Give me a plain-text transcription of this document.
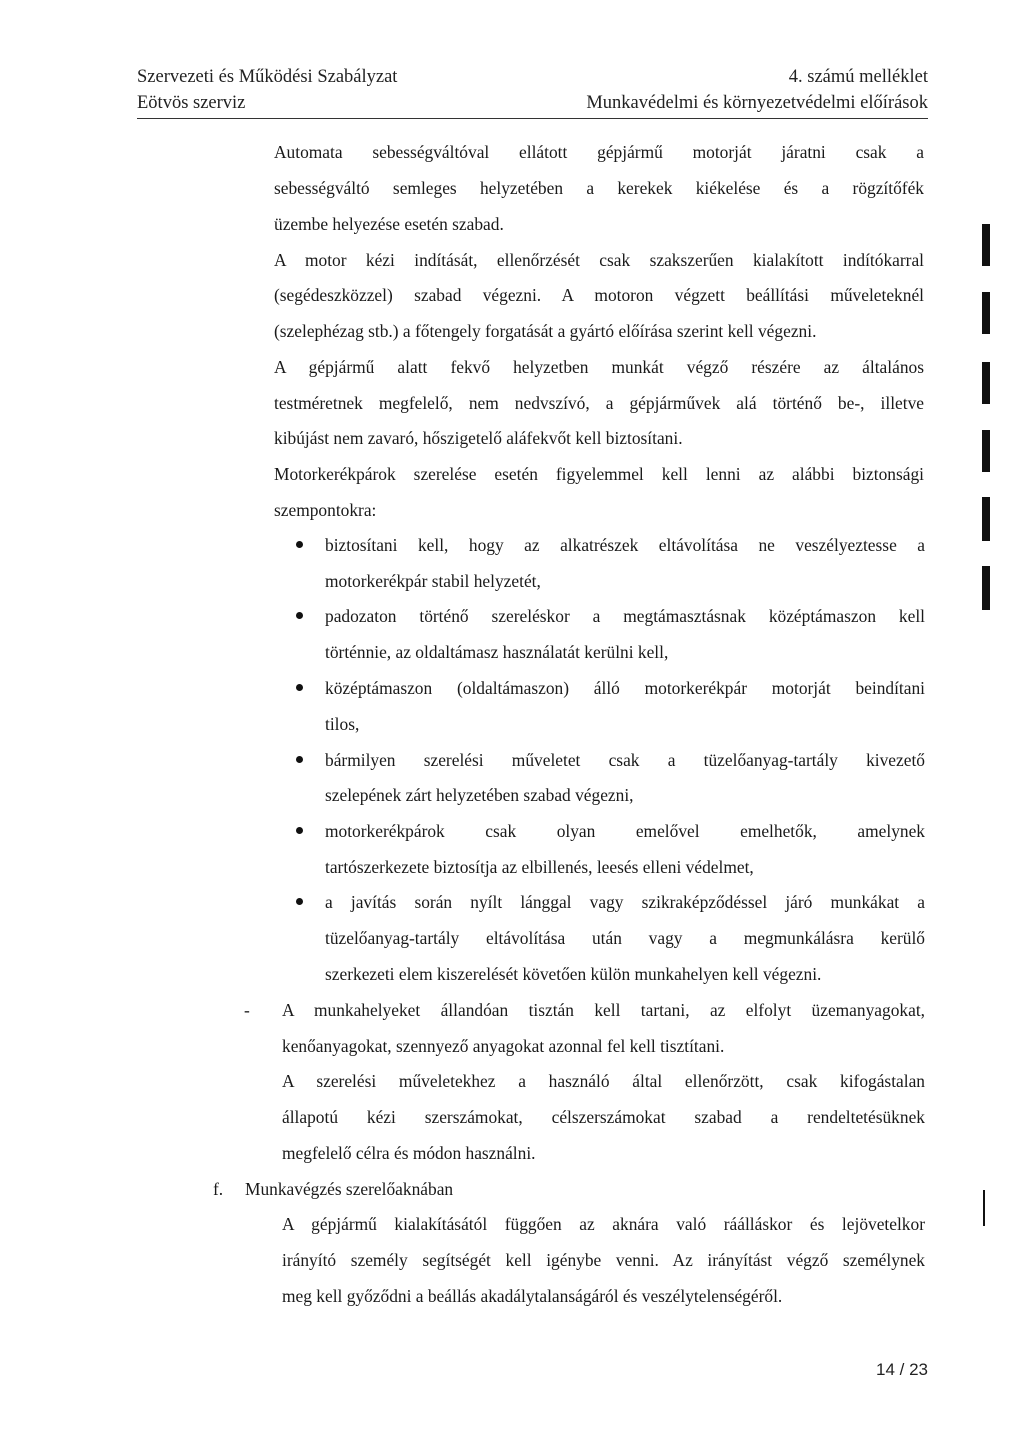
Szervezeti és Működési Szabályzat
Eötvös szerviz
4. számú melléklet
Munkavédelmi és környezetvédelmi előírások
Automata sebességváltóval ellátott gépjármű motorját járatni csak a
sebességváltó semleges helyzetében a kerekek kiékelése és a rögzítőfék
üzembe helyezése esetén szabad.
A motor kézi indítását, ellenőrzését csak szakszerűen kialakított indítókarral
(segédeszközzel) szabad végezni. A motoron végzett beállítási műveleteknél
(szelephézag stb.) a főtengely forgatását a gyártó előírása szerint kell végezni.
A gépjármű alatt fekvő helyzetben munkát végző részére az általános
testméretnek megfelelő, nem nedvszívó, a gépjárművek alá történő be-, illetve
kibújást nem zavaró, hőszigetelő aláfekvőt kell biztosítani.
Motorkerékpárok szerelése esetén figyelemmel kell lenni az alábbi biztonsági
szempontokra:
biztosítani kell, hogy az alkatrészek eltávolítása ne veszélyeztesse a
motorkerékpár stabil helyzetét,
padozaton történő szereléskor a megtámasztásnak középtámaszon kell
történnie, az oldaltámasz használatát kerülni kell,
középtámaszon (oldaltámaszon) álló motorkerékpár motorját beindítani
tilos,
bármilyen szerelési műveletet csak a tüzelőanyag-tartály kivezető
szelepének zárt helyzetében szabad végezni,
motorkerékpárok csak olyan emelővel emelhetők, amelynek
tartószerkezete biztosítja az elbillenés, leesés elleni védelmet,
a javítás során nyílt lánggal vagy szikraképződéssel járó munkákat a
tüzelőanyag-tartály eltávolítása után vagy a megmunkálásra kerülő
szerkezeti elem kiszerelését követően külön munkahelyen kell végezni.
- A munkahelyeket állandóan tisztán kell tartani, az elfolyt üzemanyagokat,
kenőanyagokat, szennyező anyagokat azonnal fel kell tisztítani.
A szerelési műveletekhez a használó által ellenőrzött, csak kifogástalan
állapotú kézi szerszámokat, célszerszámokat szabad a rendeltetésüknek
megfelelő célra és módon használni.
f. Munkavégzés szerelőaknában
A gépjármű kialakításától függően az aknára való ráálláskor és lejövetelkor
irányító személy segítségét kell igénybe venni. Az irányítást végző személynek
meg kell győződni a beállás akadálytalanságáról és veszélytelenségéről.
14 / 23
